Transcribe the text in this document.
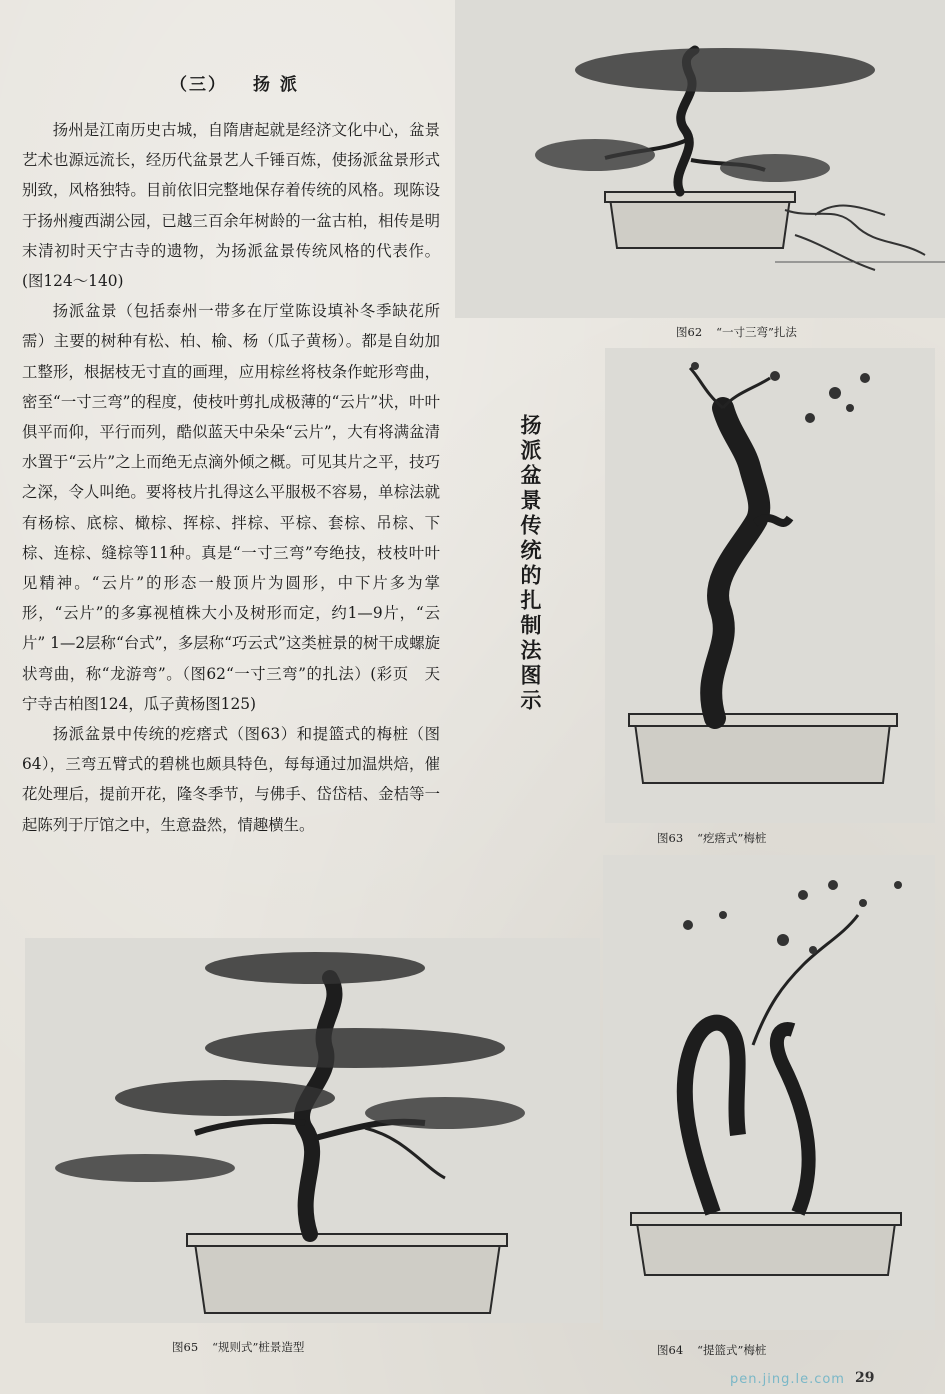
（三） 扬 派

扬州是江南历史古城，自隋唐起就是经济文化中心，盆景艺术也源远流长，经历代盆景艺人千锤百炼，使扬派盆景形式别致，风格独特。目前依旧完整地保存着传统的风格。现陈设于扬州瘦西湖公园，已越三百余年树龄的一盆古柏，相传是明末清初时天宁古寺的遗物，为扬派盆景传统风格的代表作。(图124～140)

扬派盆景（包括泰州一带多在厅堂陈设填补冬季缺花所需）主要的树种有松、柏、榆、杨（瓜子黄杨）。都是自幼加工整形，根据枝无寸直的画理，应用棕丝将枝条作蛇形弯曲，密至“一寸三弯”的程度，使枝叶剪扎成极薄的“云片”状，叶叶俱平而仰，平行而列，酷似蓝天中朵朵“云片”，大有将满盆清水置于“云片”之上而绝无点滴外倾之概。可见其片之平，技巧之深，令人叫绝。要将枝片扎得这么平服极不容易，单棕法就有杨棕、底棕、橄棕、挥棕、拌棕、平棕、套棕、吊棕、下棕、连棕、缝棕等11种。真是“一寸三弯”夸绝技，枝枝叶叶见精神。“云片”的形态一般顶片为圆形，中下片多为掌形，“云片”的多寡视植株大小及树形而定，约1—9片，“云片” 1—2层称“台式”，多层称“巧云式”这类桩景的树干成螺旋状弯曲，称“龙游弯”。（图62“一寸三弯”的扎法）(彩页　天宁寺古柏图124，瓜子黄杨图125)

扬派盆景中传统的疙瘩式（图63）和提篮式的梅桩（图64），三弯五臂式的碧桃也颇具特色，每每通过加温烘焙，催花处理后，提前开花，隆冬季节，与佛手、岱岱桔、金桔等一起陈列于厅馆之中，生意盎然，情趣横生。

扬派盆景传统的扎制法图示
图62 “一寸三弯”扎法
图63 “疙瘩式”梅桩
图64 “提篮式”梅桩
图65 “规则式”桩景造型
pen.jing.le.com 29
